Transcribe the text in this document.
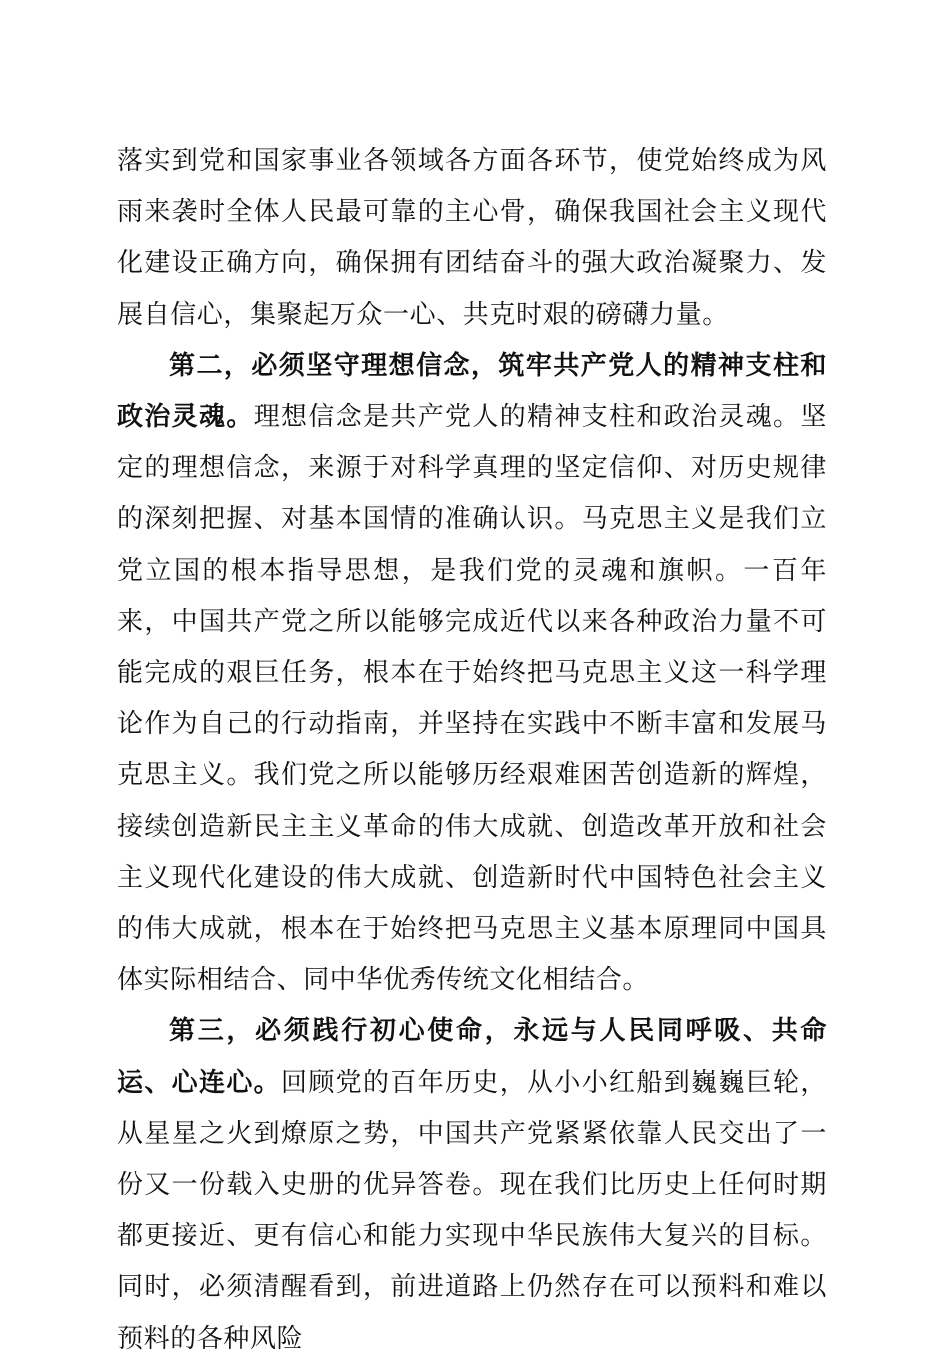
落实到党和国家事业各领域各方面各环节，使党始终成为风雨来袭时全体人民最可靠的主心骨，确保我国社会主义现代化建设正确方向，确保拥有团结奋斗的强大政治凝聚力、发展自信心，集聚起万众一心、共克时艰的磅礴力量。

第二，必须坚守理想信念，筑牢共产党人的精神支柱和政治灵魂。理想信念是共产党人的精神支柱和政治灵魂。坚定的理想信念，来源于对科学真理的坚定信仰、对历史规律的深刻把握、对基本国情的准确认识。马克思主义是我们立党立国的根本指导思想，是我们党的灵魂和旗帜。一百年来，中国共产党之所以能够完成近代以来各种政治力量不可能完成的艰巨任务，根本在于始终把马克思主义这一科学理论作为自己的行动指南，并坚持在实践中不断丰富和发展马克思主义。我们党之所以能够历经艰难困苦创造新的辉煌，接续创造新民主主义革命的伟大成就、创造改革开放和社会主义现代化建设的伟大成就、创造新时代中国特色社会主义的伟大成就，根本在于始终把马克思主义基本原理同中国具体实际相结合、同中华优秀传统文化相结合。

第三，必须践行初心使命，永远与人民同呼吸、共命运、心连心。回顾党的百年历史，从小小红船到巍巍巨轮，从星星之火到燎原之势，中国共产党紧紧依靠人民交出了一份又一份载入史册的优异答卷。现在我们比历史上任何时期都更接近、更有信心和能力实现中华民族伟大复兴的目标。同时，必须清醒看到，前进道路上仍然存在可以预料和难以预料的各种风险
